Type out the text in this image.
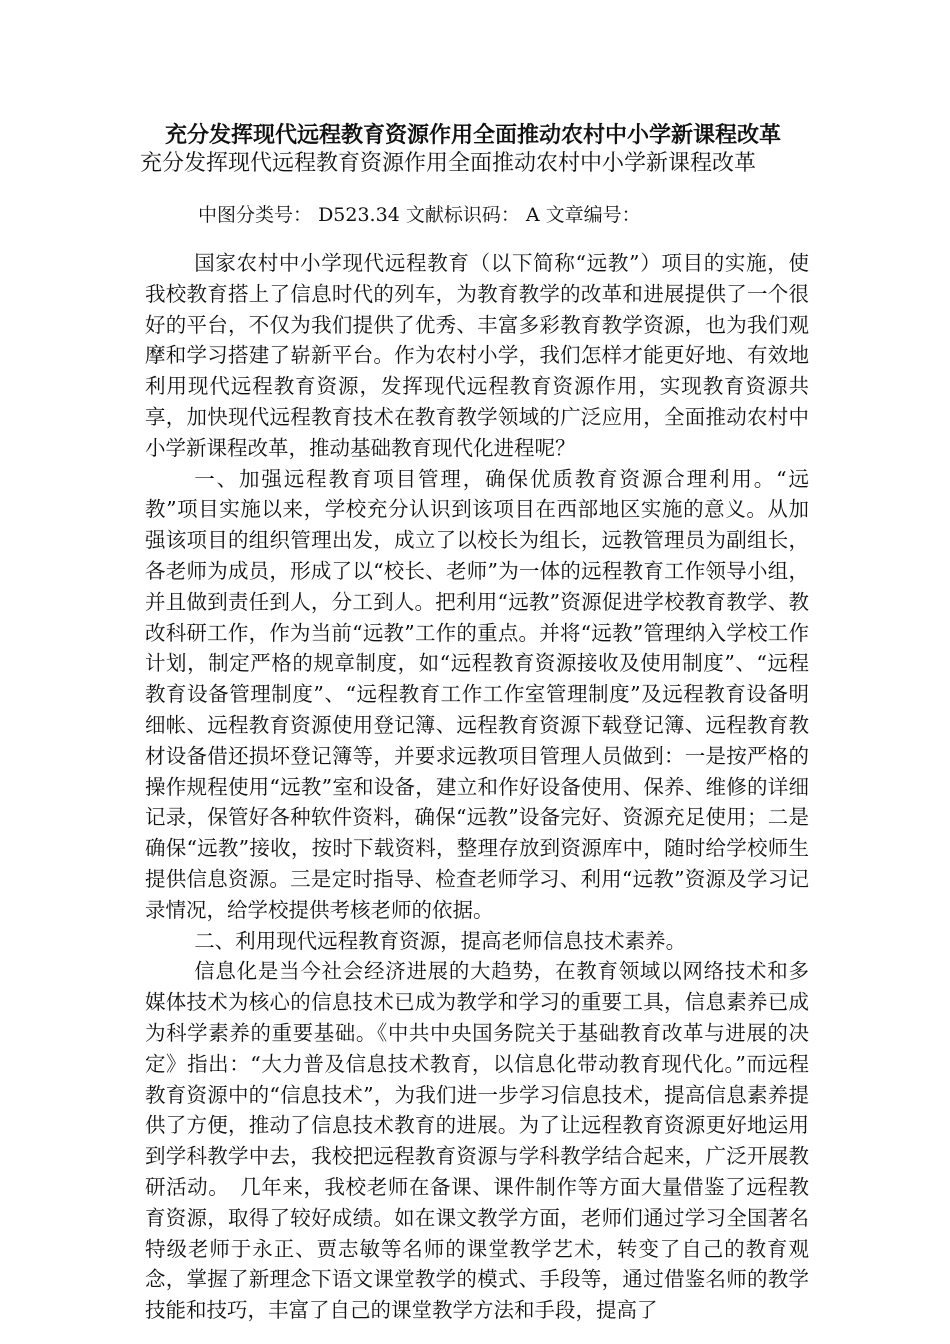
充分发挥现代远程教育资源作用全面推动农村中小学新课程改革
充分发挥现代远程教育资源作用全面推动农村中小学新课程改革
中图分类号： D523.34 文献标识码： A 文章编号：

国家农村中小学现代远程教育（以下简称“远教”）项目的实施，使我校教育搭上了信息时代的列车，为教育教学的改革和进展提供了一个很好的平台，不仅为我们提供了优秀、丰富多彩教育教学资源，也为我们观摩和学习搭建了崭新平台。作为农村小学，我们怎样才能更好地、有效地利用现代远程教育资源，发挥现代远程教育资源作用，实现教育资源共享，加快现代远程教育技术在教育教学领域的广泛应用，全面推动农村中小学新课程改革，推动基础教育现代化进程呢？

一、加强远程教育项目管理，确保优质教育资源合理利用。“远教”项目实施以来，学校充分认识到该项目在西部地区实施的意义。从加强该项目的组织管理出发，成立了以校长为组长，远教管理员为副组长，各老师为成员，形成了以“校长、老师”为一体的远程教育工作领导小组，并且做到责任到人，分工到人。把利用“远教”资源促进学校教育教学、教改科研工作，作为当前“远教”工作的重点。并将“远教”管理纳入学校工作计划，制定严格的规章制度，如“远程教育资源接收及使用制度”、“远程教育设备管理制度”、“远程教育工作工作室管理制度”及远程教育设备明细帐、远程教育资源使用登记簿、远程教育资源下载登记簿、远程教育教材设备借还损坏登记簿等，并要求远教项目管理人员做到：一是按严格的操作规程使用“远教”室和设备，建立和作好设备使用、保养、维修的详细记录，保管好各种软件资料，确保“远教”设备完好、资源充足使用；二是确保“远教”接收，按时下载资料，整理存放到资源库中，随时给学校师生提供信息资源。三是定时指导、检查老师学习、利用“远教”资源及学习记录情况，给学校提供考核老师的依据。

二、利用现代远程教育资源，提高老师信息技术素养。

信息化是当今社会经济进展的大趋势，在教育领域以网络技术和多媒体技术为核心的信息技术已成为教学和学习的重要工具，信息素养已成为科学素养的重要基础。《中共中央国务院关于基础教育改革与进展的决定》指出：“大力普及信息技术教育，以信息化带动教育现代化。”而远程教育资源中的“信息技术”，为我们进一步学习信息技术，提高信息素养提供了方便，推动了信息技术教育的进展。为了让远程教育资源更好地运用到学科教学中去，我校把远程教育资源与学科教学结合起来，广泛开展教研活动。　几年来，我校老师在备课、课件制作等方面大量借鉴了远程教育资源，取得了较好成绩。如在课文教学方面，老师们通过学习全国著名特级老师于永正、贾志敏等名师的课堂教学艺术，转变了自己的教育观念，掌握了新理念下语文课堂教学的模式、手段等，通过借鉴名师的教学技能和技巧，丰富了自己的课堂教学方法和手段，提高了
